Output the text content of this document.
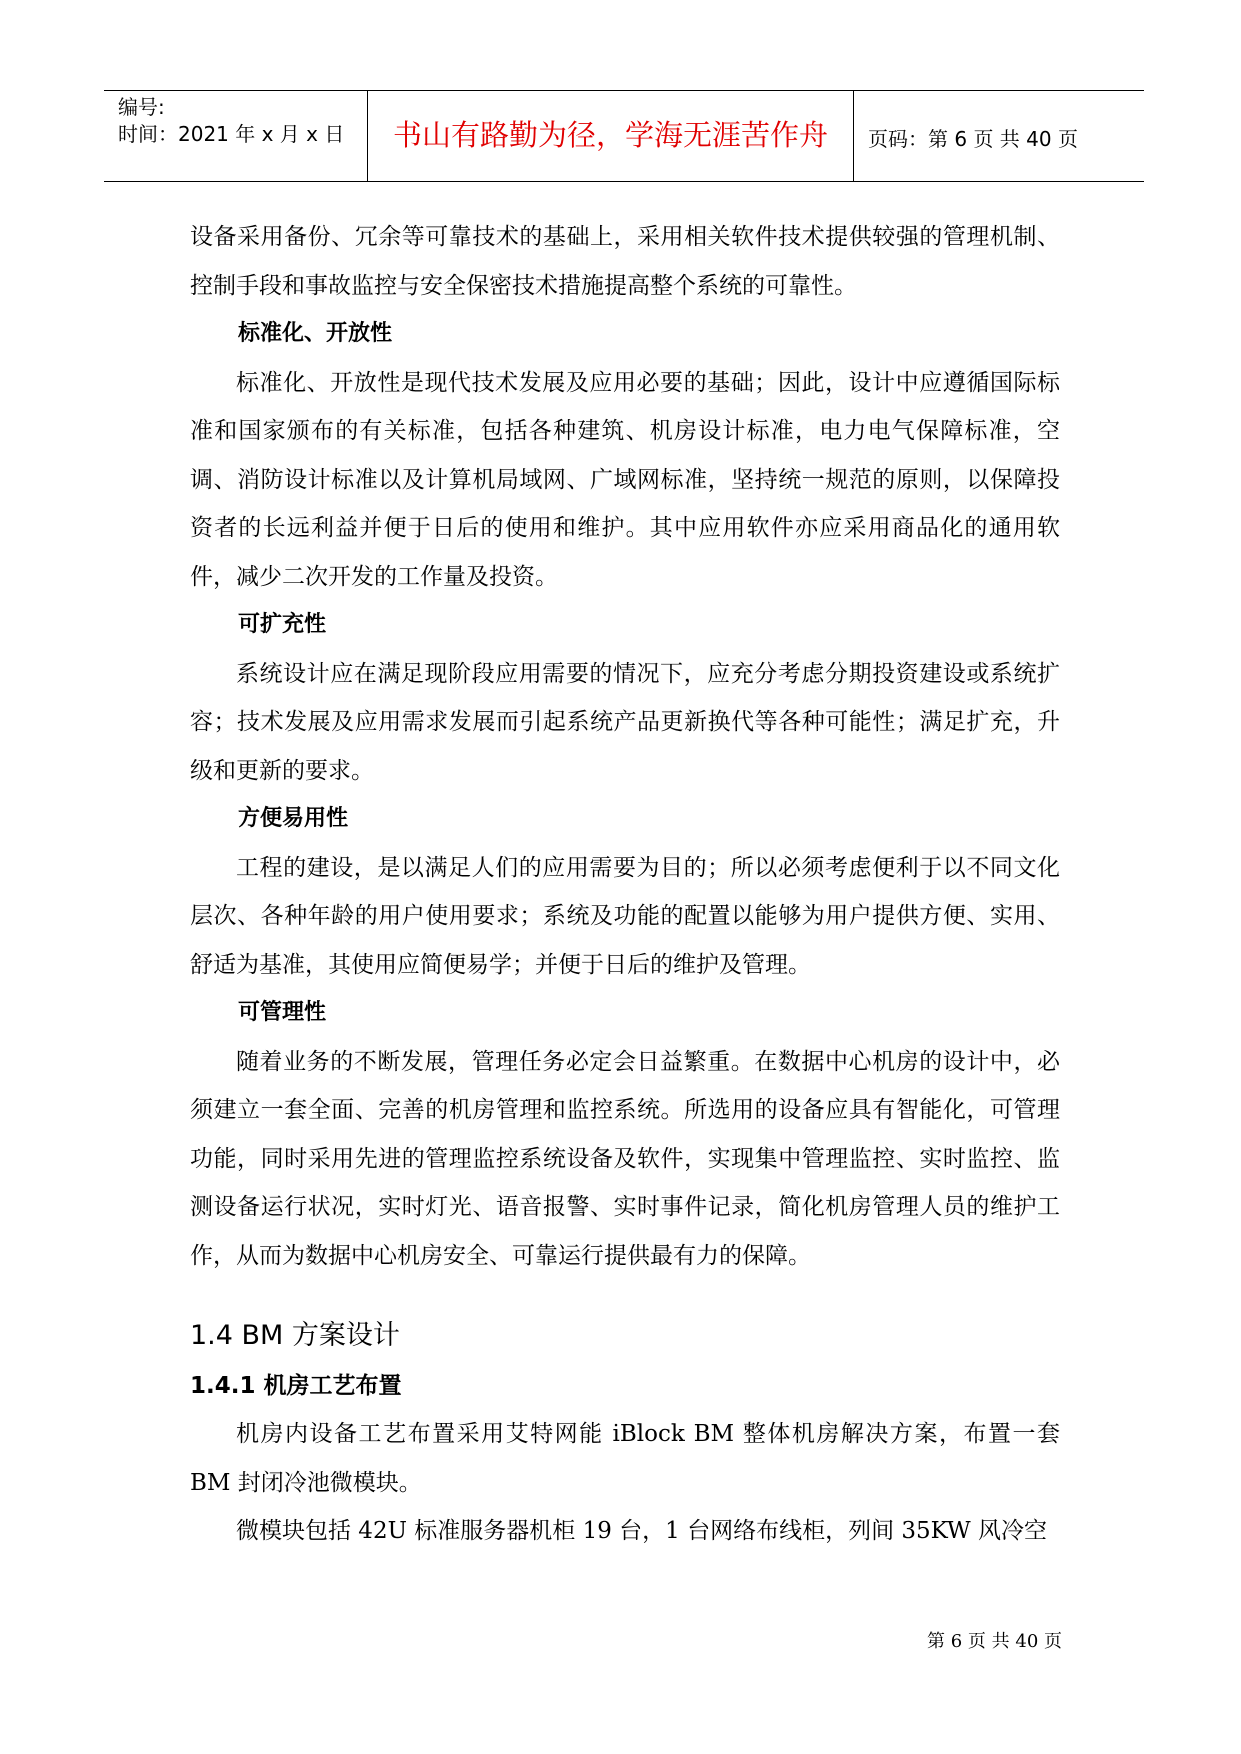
编号:
时间：2021 年 x 月 x 日	书山有路勤为径，学海无涯苦作舟	页码：第 6 页 共 40 页

设备采用备份、冗余等可靠技术的基础上，采用相关软件技术提供较强的管理机制、控制手段和事故监控与安全保密技术措施提高整个系统的可靠性。

标准化、开放性

标准化、开放性是现代技术发展及应用必要的基础；因此，设计中应遵循国际标准和国家颁布的有关标准，包括各种建筑、机房设计标准，电力电气保障标准，空调、消防设计标准以及计算机局域网、广域网标准，坚持统一规范的原则，以保障投资者的长远利益并便于日后的使用和维护。其中应用软件亦应采用商品化的通用软件，减少二次开发的工作量及投资。

可扩充性

系统设计应在满足现阶段应用需要的情况下，应充分考虑分期投资建设或系统扩容；技术发展及应用需求发展而引起系统产品更新换代等各种可能性；满足扩充，升级和更新的要求。

方便易用性

工程的建设，是以满足人们的应用需要为目的；所以必须考虑便利于以不同文化层次、各种年龄的用户使用要求；系统及功能的配置以能够为用户提供方便、实用、舒适为基准，其使用应简便易学；并便于日后的维护及管理。

可管理性

随着业务的不断发展，管理任务必定会日益繁重。在数据中心机房的设计中，必须建立一套全面、完善的机房管理和监控系统。所选用的设备应具有智能化，可管理功能，同时采用先进的管理监控系统设备及软件，实现集中管理监控、实时监控、监测设备运行状况，实时灯光、语音报警、实时事件记录，简化机房管理人员的维护工作，从而为数据中心机房安全、可靠运行提供最有力的保障。

1.4 BM 方案设计
1.4.1 机房工艺布置

机房内设备工艺布置采用艾特网能 iBlock BM 整体机房解决方案，布置一套 BM 封闭冷池微模块。

微模块包括 42U 标准服务器机柜 19 台，1 台网络布线柜，列间 35KW 风冷空

第 6 页 共 40 页
